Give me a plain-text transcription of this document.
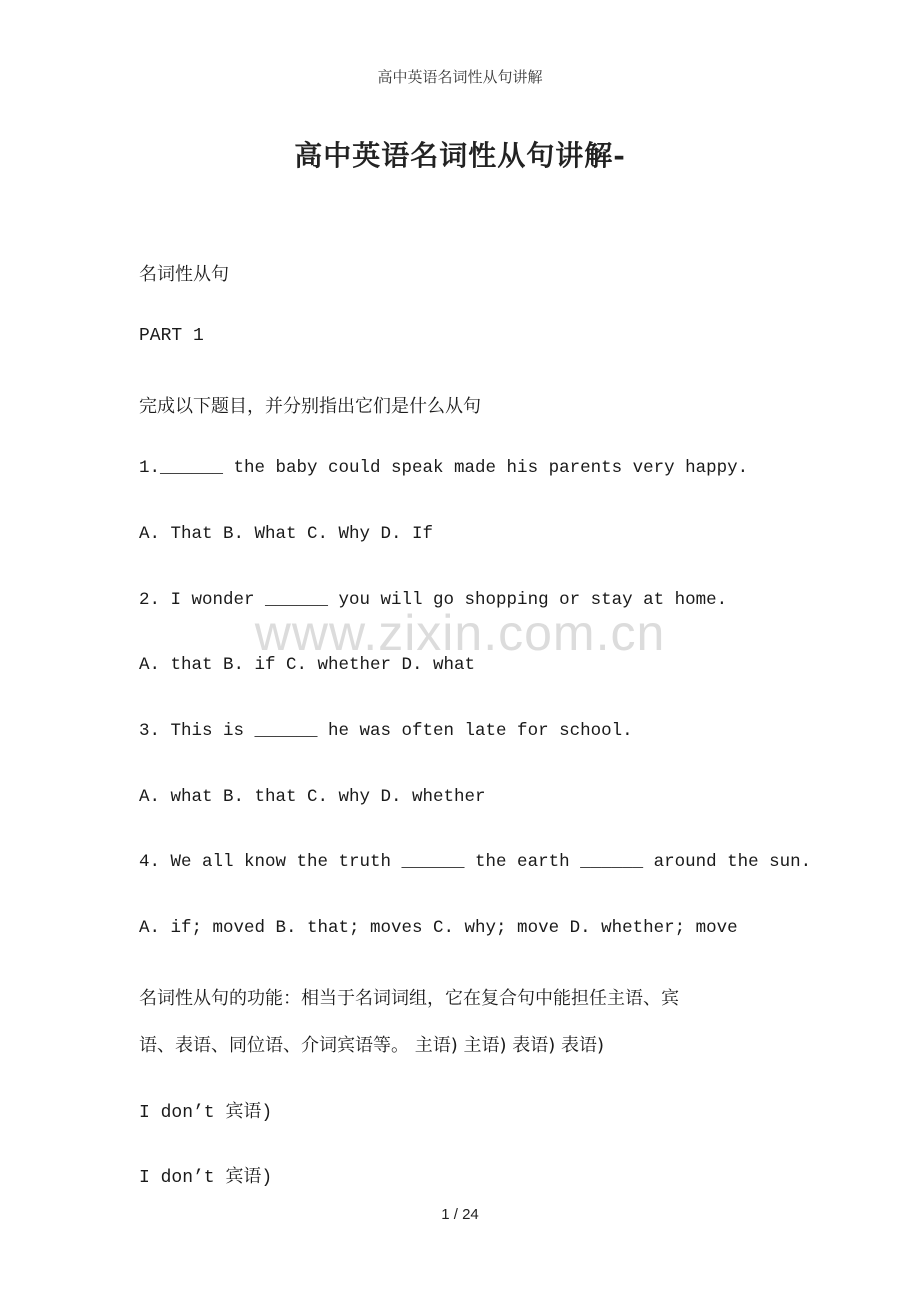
高中英语名词性从句讲解
高中英语名词性从句讲解-
名词性从句
PART 1
完成以下题目，并分别指出它们是什么从句
1.______ the baby could speak made his parents very happy.
A. That B. What C. Why D. If
2. I wonder ______ you will go shopping or stay at home.
A. that B. if C. whether D. what
3. This is ______ he was often late for school.
A. what B. that C. why D. whether
4. We all know the truth ______ the earth ______ around the sun.
A. if; moved B. that; moves C. why; move D. whether; move
名词性从句的功能：相当于名词词组，它在复合句中能担任主语、宾
语、表语、同位语、介词宾语等。 主语) 主语) 表语) 表语)
I don’t 宾语)
I don’t 宾语)
www.zixin.com.cn
1 / 24
